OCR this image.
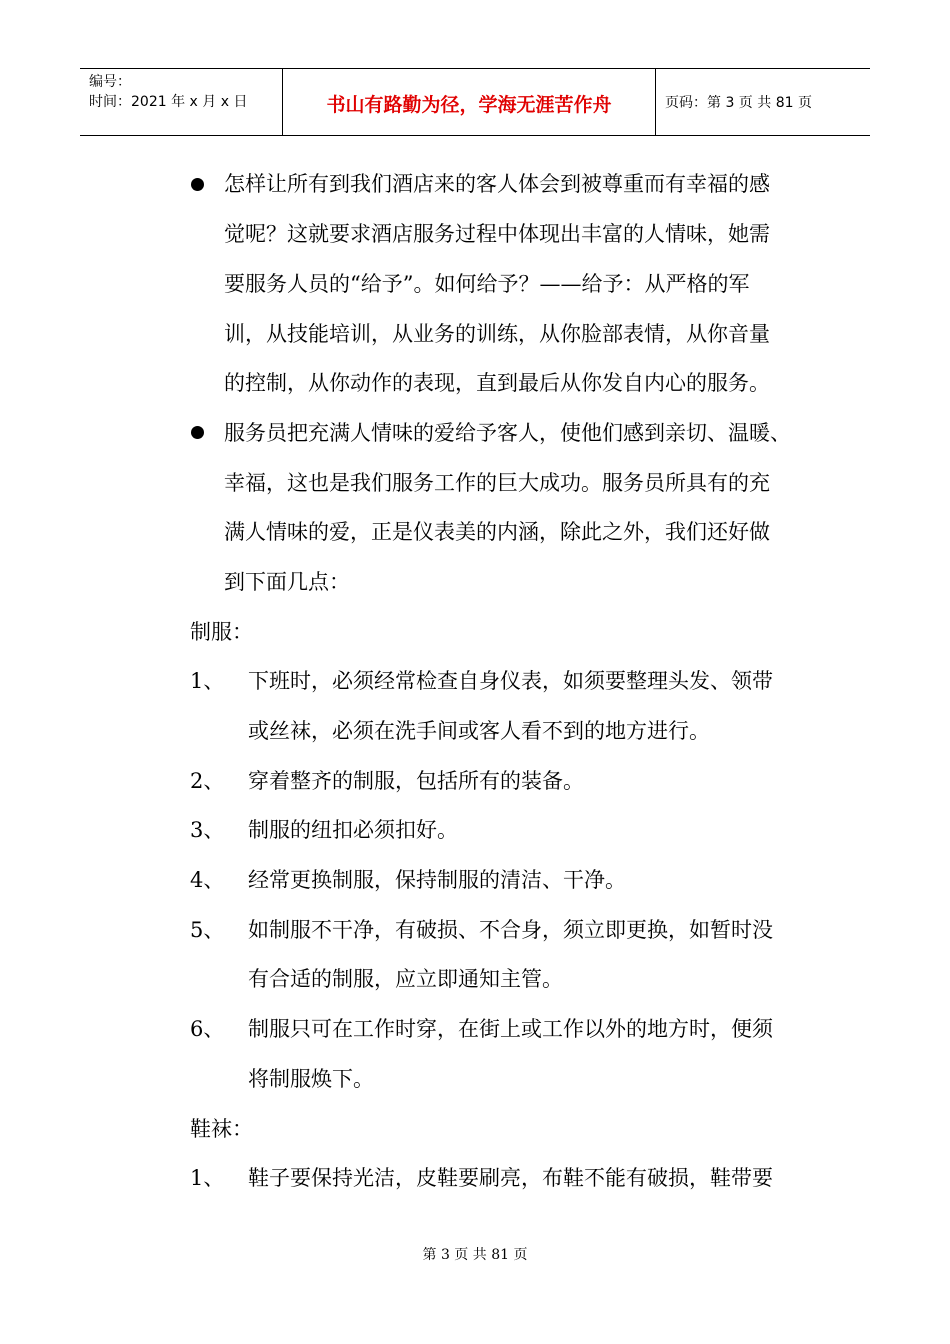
编号：
时间：2021 年 x 月 x 日	书山有路勤为径，学海无涯苦作舟	页码：第 3 页 共 81 页
怎样让所有到我们酒店来的客人体会到被尊重而有幸福的感
觉呢？这就要求酒店服务过程中体现出丰富的人情味，她需
要服务人员的“给予”。如何给予？——给予：从严格的军
训，从技能培训，从业务的训练，从你脸部表情，从你音量
的控制，从你动作的表现，直到最后从你发自内心的服务。
服务员把充满人情味的爱给予客人，使他们感到亲切、温暖、
幸福，这也是我们服务工作的巨大成功。服务员所具有的充
满人情味的爱，正是仪表美的内涵，除此之外，我们还好做
到下面几点：
制服：
1、 下班时，必须经常检查自身仪表，如须要整理头发、领带
或丝袜，必须在洗手间或客人看不到的地方进行。
2、 穿着整齐的制服，包括所有的装备。
3、 制服的纽扣必须扣好。
4、 经常更换制服，保持制服的清洁、干净。
5、 如制服不干净，有破损、不合身，须立即更换，如暂时没
有合适的制服，应立即通知主管。
6、 制服只可在工作时穿，在街上或工作以外的地方时，便须
将制服焕下。
鞋袜：
1、 鞋子要保持光洁，皮鞋要刷亮，布鞋不能有破损，鞋带要
第 3 页 共 81 页
